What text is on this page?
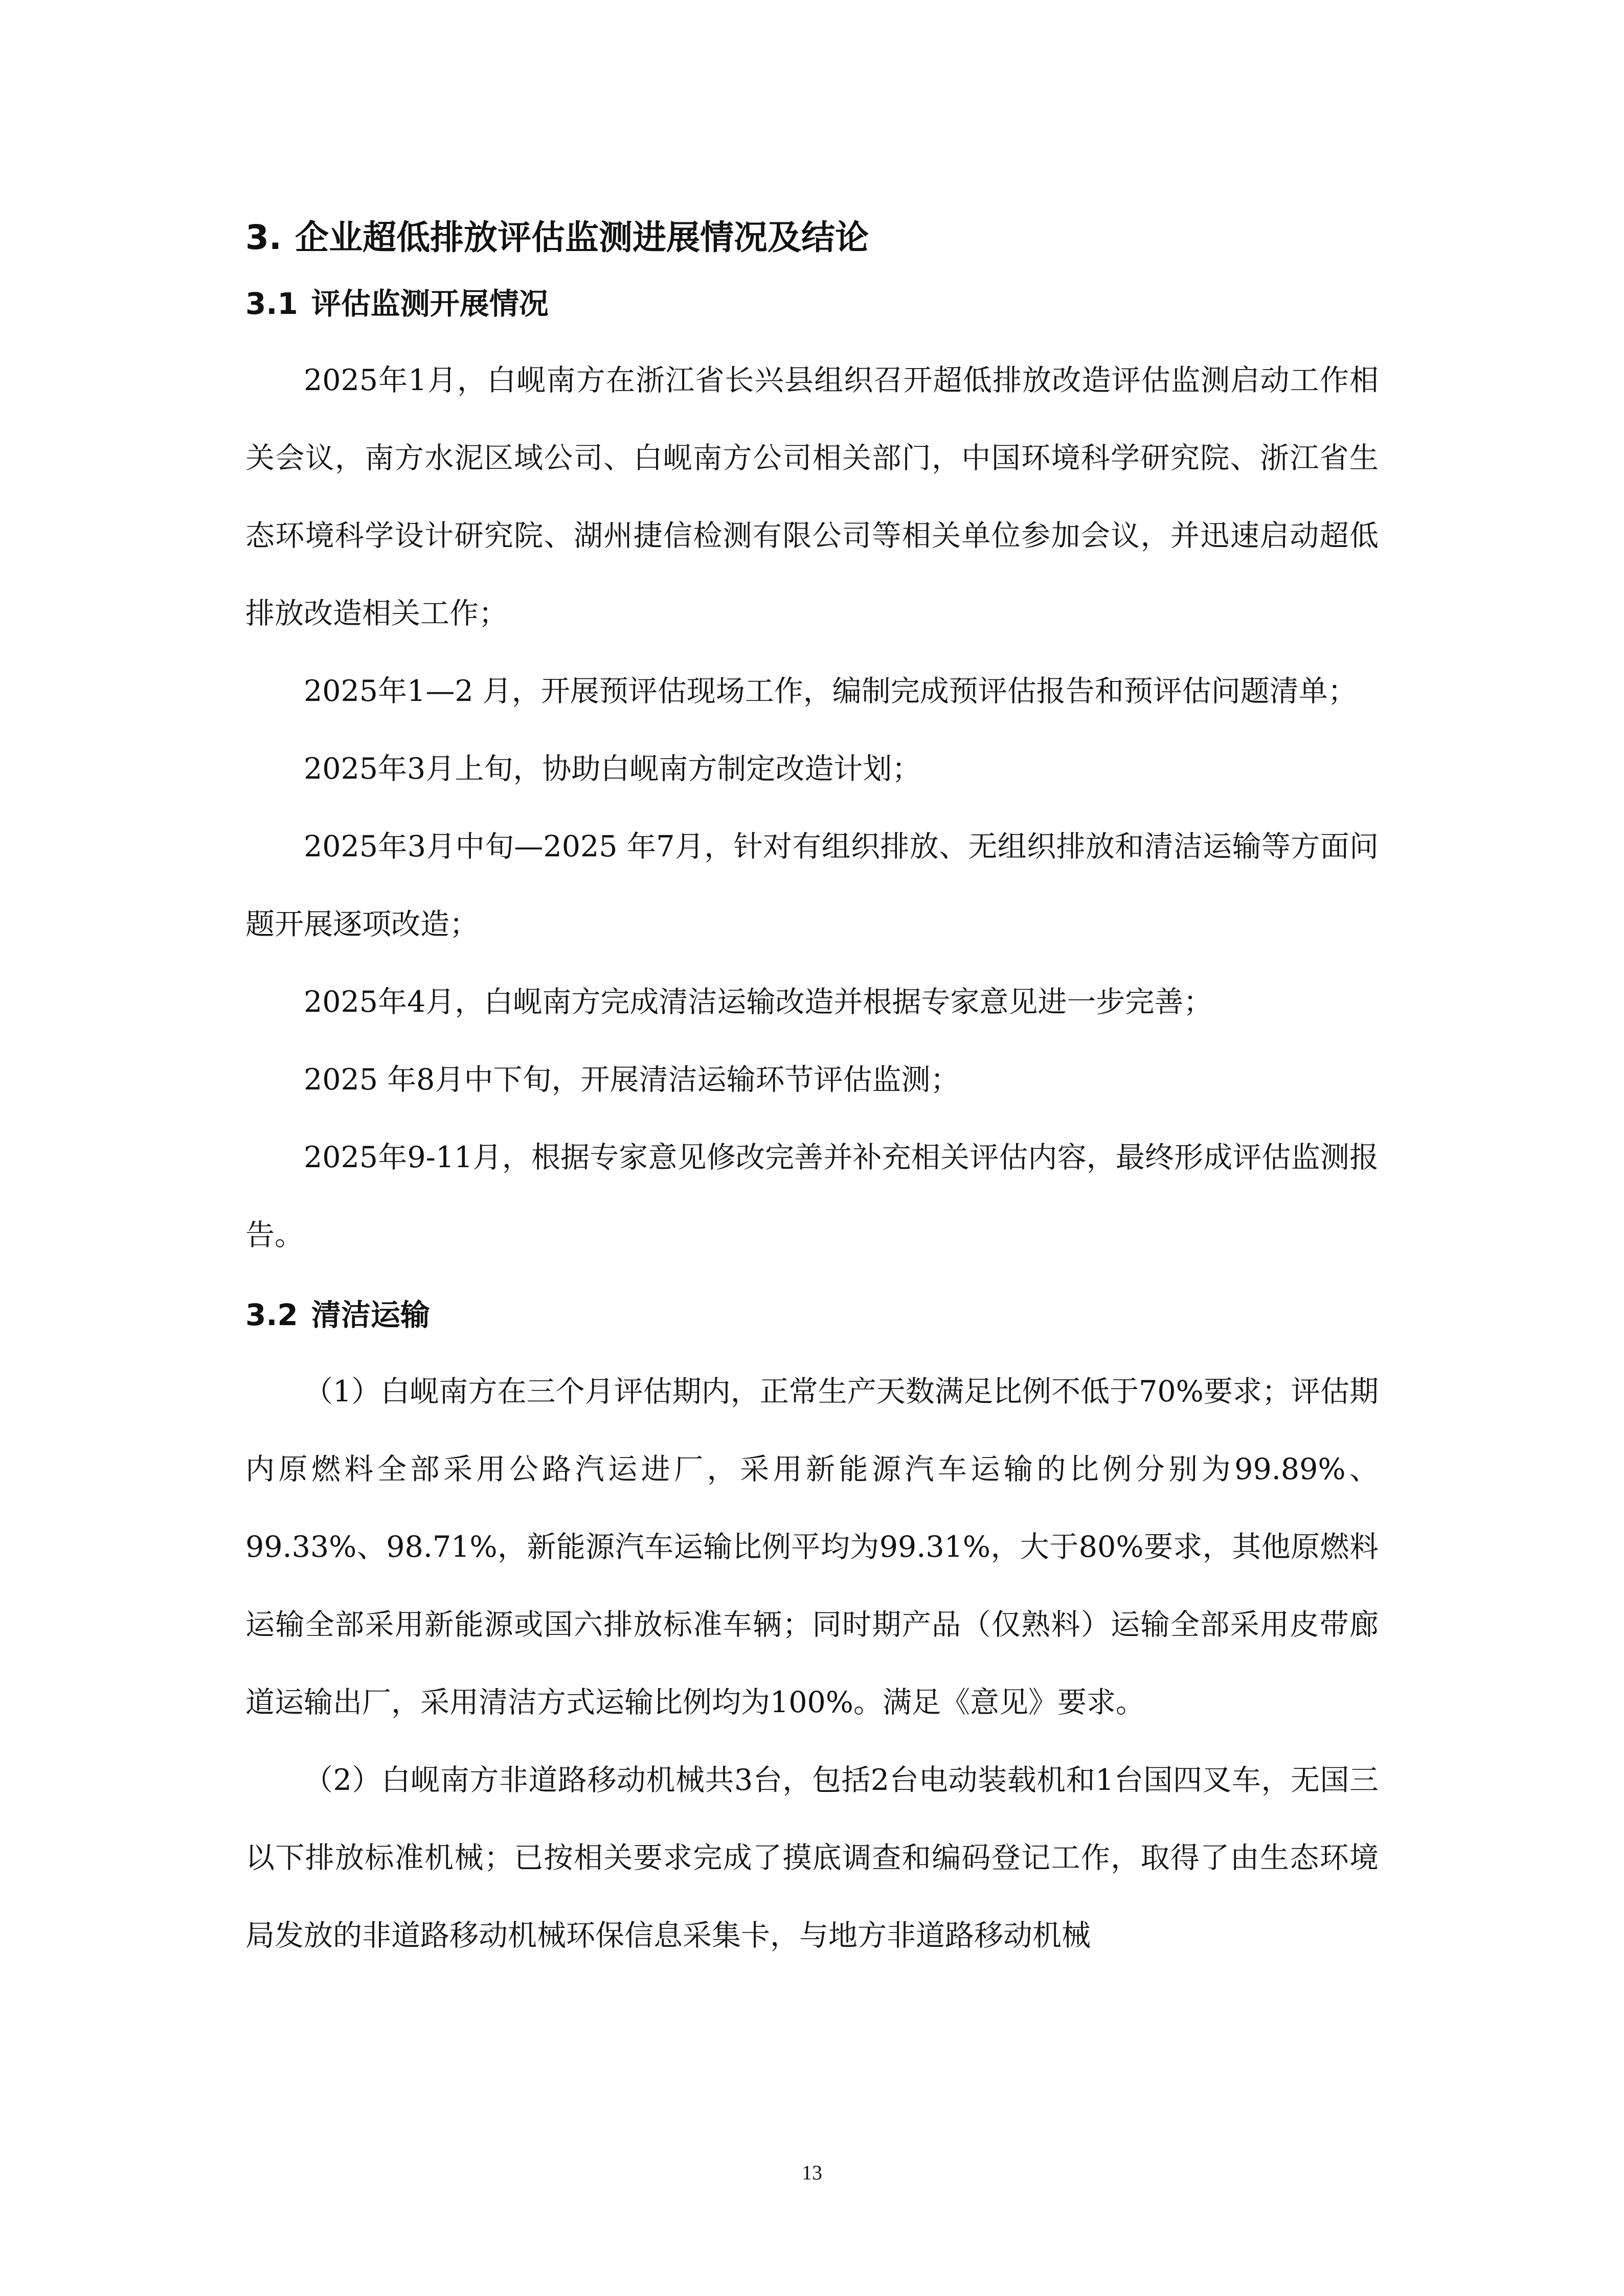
3. 企业超低排放评估监测进展情况及结论
3.1 评估监测开展情况

2025年1月，白岘南方在浙江省长兴县组织召开超低排放改造评估监测启动工作相关会议，南方水泥区域公司、白岘南方公司相关部门，中国环境科学研究院、浙江省生态环境科学设计研究院、湖州捷信检测有限公司等相关单位参加会议，并迅速启动超低排放改造相关工作；

2025年1—2 月，开展预评估现场工作，编制完成预评估报告和预评估问题清单；

2025年3月上旬，协助白岘南方制定改造计划；

2025年3月中旬—2025 年7月，针对有组织排放、无组织排放和清洁运输等方面问题开展逐项改造；

2025年4月，白岘南方完成清洁运输改造并根据专家意见进一步完善；

2025 年8月中下旬，开展清洁运输环节评估监测；

2025年9-11月，根据专家意见修改完善并补充相关评估内容，最终形成评估监测报告。

3.2 清洁运输

（1）白岘南方在三个月评估期内，正常生产天数满足比例不低于70%要求；评估期内原燃料全部采用公路汽运进厂，采用新能源汽车运输的比例分别为99.89%、99.33%、98.71%，新能源汽车运输比例平均为99.31%，大于80%要求，其他原燃料运输全部采用新能源或国六排放标准车辆；同时期产品（仅熟料）运输全部采用皮带廊道运输出厂，采用清洁方式运输比例均为100%。满足《意见》要求。

（2）白岘南方非道路移动机械共3台，包括2台电动装载机和1台国四叉车，无国三以下排放标准机械；已按相关要求完成了摸底调查和编码登记工作，取得了由生态环境局发放的非道路移动机械环保信息采集卡，与地方非道路移动机械

13
